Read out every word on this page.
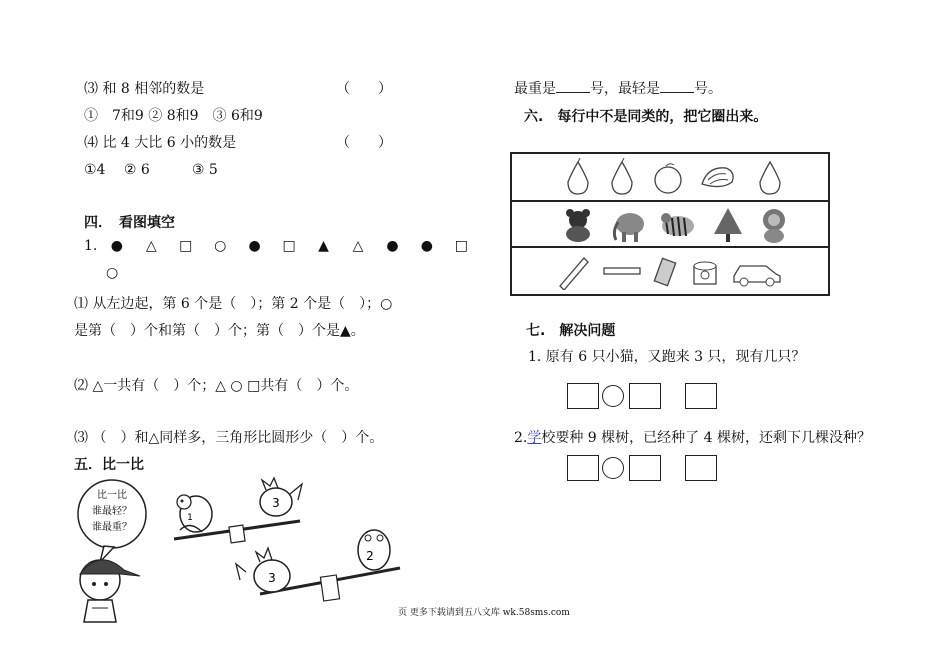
⑶ 和 8 相邻的数是	（　　）
①　7和9 ② 8和9　③ 6和9
⑷ 比 4 大比 6 小的数是	（　　）
①4　 ② 6　　　③ 5
四．　看图填空
1. ● △ □ ○ ● □ ▲ △ ● ● □
○
⑴ 从左边起，第 6 个是（　）；第 2 个是（　）；○
是第（　）个和第（　）个；第（　）个是▲。
⑵ △一共有（　）个；△ ○ □共有（　）个。
⑶ （　）和△同样多，三角形比圆形少（　）个。
五．比一比
比一比
谁最轻？
谁最重？
1
3
3
2
最重是 号，最轻是 号。
六.　每行中不是同类的，把它圈出来。
七.　解决问题
1. 原有 6 只小猫，又跑来 3 只，现有几只？
2.学校要种 9 棵树，已经种了 4 棵树，还剩下几棵没种？
页 更多下载请到五八文库 wk.58sms.com
